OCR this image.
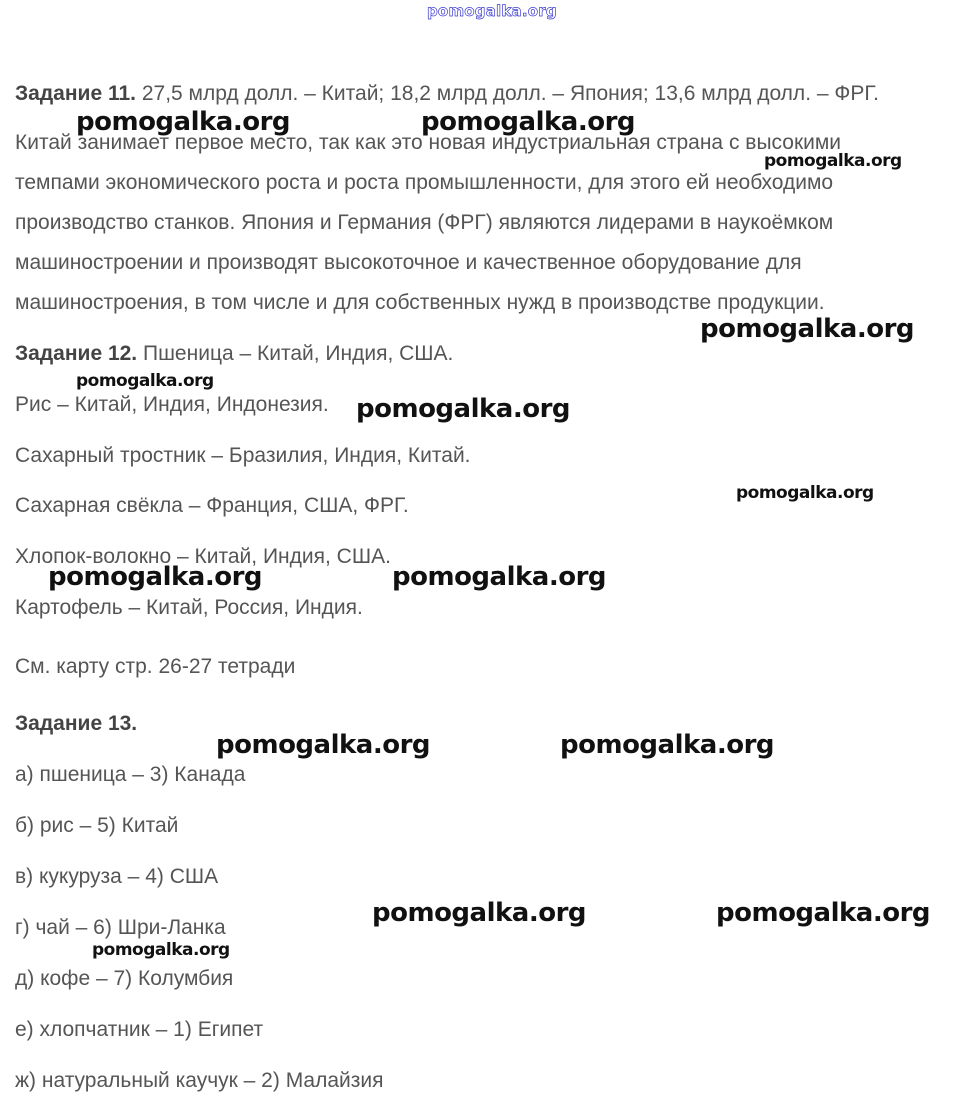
pomogalka.org
Задание 11. 27,5 млрд долл. – Китай; 18,2 млрд долл. – Япония; 13,6 млрд долл. – ФРГ.
Китай занимает первое место, так как это новая индустриальная страна с высокими
темпами экономического роста и роста промышленности, для этого ей необходимо
производство станков. Япония и Германия (ФРГ) являются лидерами в наукоёмком
машиностроении и производят высокоточное и качественное оборудование для
машиностроения, в том числе и для собственных нужд в производстве продукции.
Задание 12. Пшеница – Китай, Индия, США.
Рис – Китай, Индия, Индонезия.
Сахарный тростник – Бразилия, Индия, Китай.
Сахарная свёкла – Франция, США, ФРГ.
Хлопок-волокно – Китай, Индия, США.
Картофель – Китай, Россия, Индия.
См. карту стр. 26-27 тетради
Задание 13.
а) пшеница – 3) Канада
б) рис – 5) Китай
в) кукуруза – 4) США
г) чай – 6) Шри-Ланка
д) кофе – 7) Колумбия
е) хлопчатник – 1) Египет
ж) натуральный каучук – 2) Малайзия
pomogalka.org	pomogalka.org
pomogalka.org
pomogalka.org
pomogalka.org
pomogalka.org
pomogalka.org
pomogalka.org	pomogalka.org
pomogalka.org	pomogalka.org
pomogalka.org	pomogalka.org
pomogalka.org
